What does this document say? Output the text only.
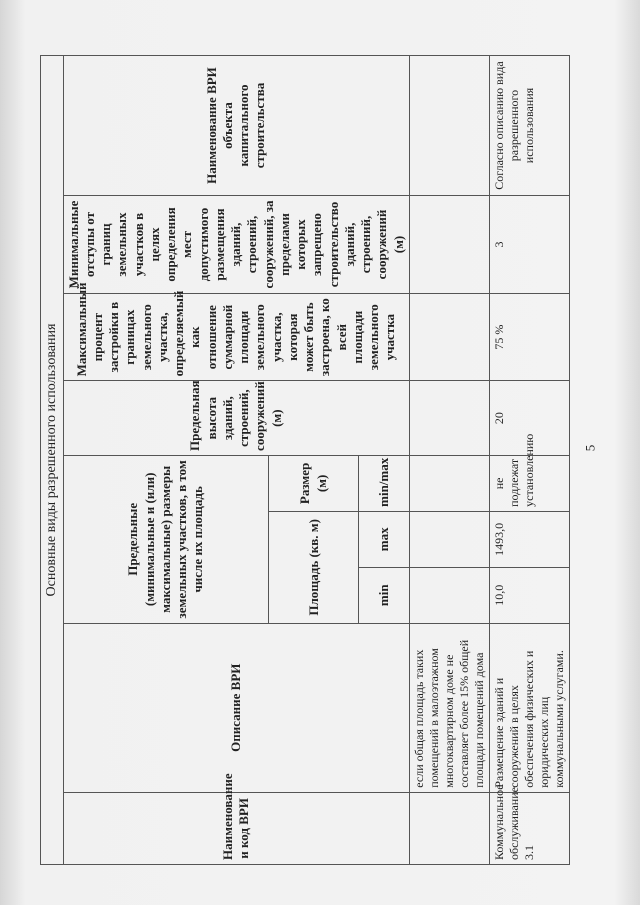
Основные виды разрешенного использования								
Наименование и код ВРИ	Описание ВРИ	Предельные (минимальные и (или) максимальные) размеры земельных участков, в том числе их площадь			Предельная высота зданий, строений, сооружений (м)	Максимальный процент застройки в границах земельного участка, определяемый как отношение суммарной площади земельного участка, которая может быть застроена, ко всей площади земельного участка	Минимальные отступы от границ земельных участков в целях определения мест допустимого размещения зданий, строений, сооружений, за пределами которых запрещено строительство зданий, строений, сооружений (м)	Наименование ВРИ объекта капитального строительства
		Площадь (кв. м)		Размер (м)				
		min	max	min/max				
	если общая площадь таких помещений в малоэтажном многоквартирном доме не составляет более 15% общей площади помещений дома							
Коммунальное обслуживание 3.1	Размещение зданий и сооружений в целях обеспечения физических и юридических лиц коммунальными услугами.	10,0	1493,0	не подлежат установлению	20	75 %	3	Согласно описанию вида разрешенного использования
5
